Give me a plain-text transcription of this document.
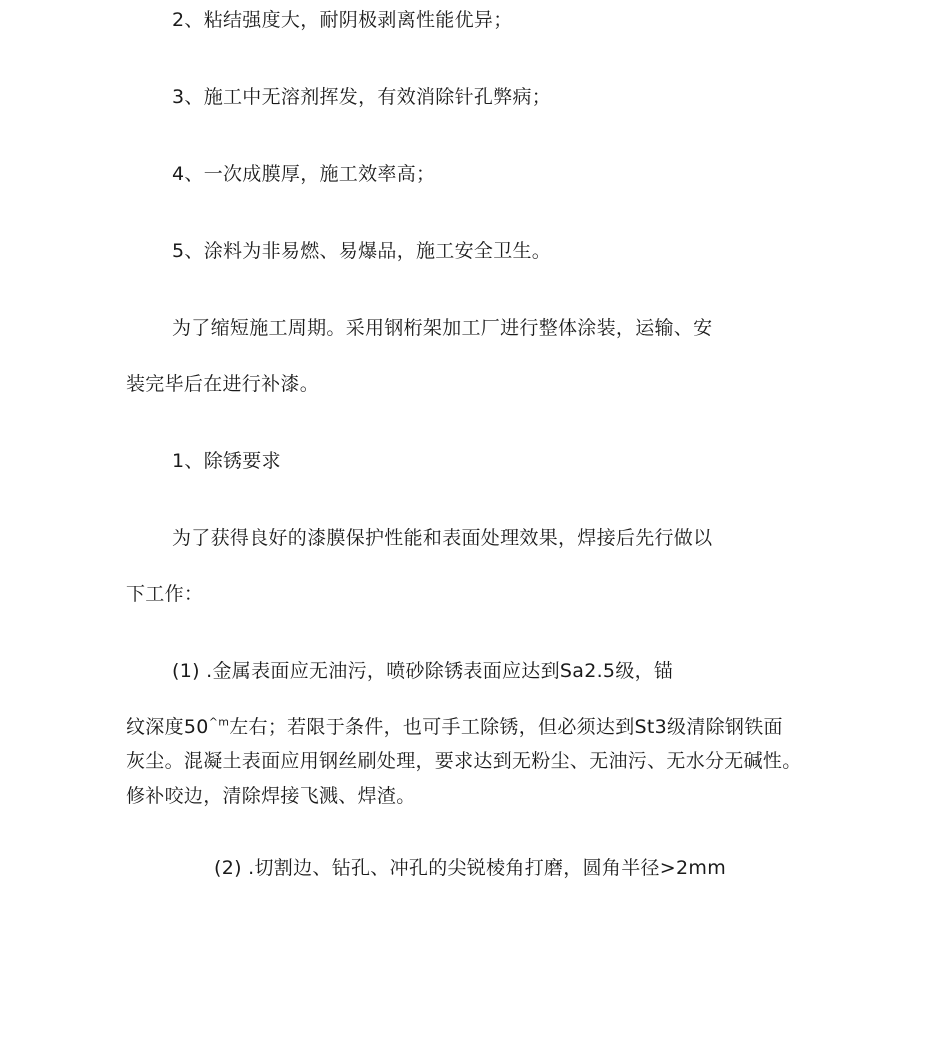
2、粘结强度大，耐阴极剥离性能优异；

3、施工中无溶剂挥发，有效消除针孔弊病；

4、一次成膜厚，施工效率高；

5、涂料为非易燃、易爆品，施工安全卫生。

为了缩短施工周期。采用钢桁架加工厂进行整体涂装，运输、安

装完毕后在进行补漆。

1、除锈要求

为了获得良好的漆膜保护性能和表面处理效果，焊接后先行做以

下工作：

(1) .金属表面应无油污，喷砂除锈表面应达到Sa2.5级，锚

纹深度$50^{\^{}m}$左右；若限于条件，也可手工除锈，但必须达到St3级清除钢铁面

灰尘。混凝土表面应用钢丝刷处理，要求达到无粉尘、无油污、无水分无碱性。

修补咬边，清除焊接飞溅、焊渣。

(2) .切割边、钻孔、冲孔的尖锐棱角打磨，圆角半径>2mm
